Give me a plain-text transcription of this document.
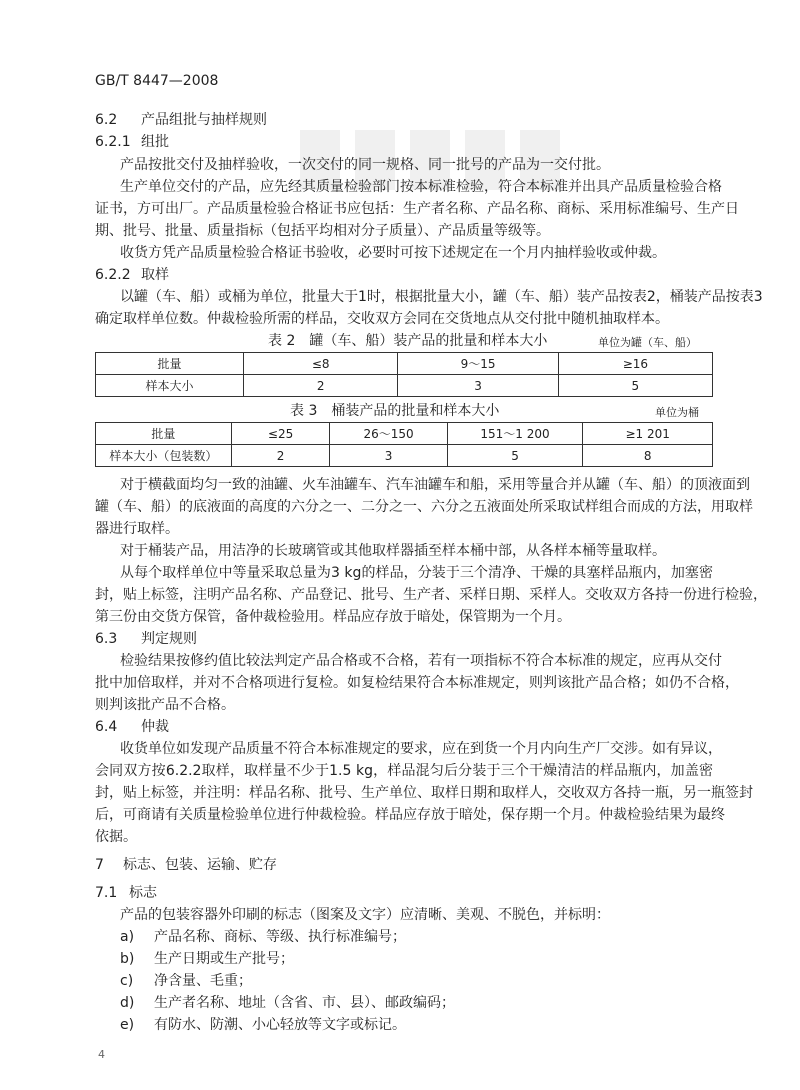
GB/T 8447—2008
6.2 产品组批与抽样规则
6.2.1 组批
产品按批交付及抽样验收，一次交付的同一规格、同一批号的产品为一交付批。
生产单位交付的产品，应先经其质量检验部门按本标准检验，符合本标准并出具产品质量检验合格
证书，方可出厂。产品质量检验合格证书应包括：生产者名称、产品名称、商标、采用标准编号、生产日
期、批号、批量、质量指标（包括平均相对分子质量）、产品质量等级等。
收货方凭产品质量检验合格证书验收，必要时可按下述规定在一个月内抽样验收或仲裁。
6.2.2 取样
以罐（车、船）或桶为单位，批量大于1时，根据批量大小，罐（车、船）装产品按表2，桶装产品按表3
确定取样单位数。仲裁检验所需的样品，交收双方会同在交货地点从交付批中随机抽取样本。
表 2　罐（车、船）装产品的批量和样本大小	单位为罐（车、船）
批量	≤8	9～15	≥16
样本大小	2	3	5
表 3　桶装产品的批量和样本大小	单位为桶
批量	≤25	26～150	151～1 200	≥1 201
样本大小（包装数）	2	3	5	8
对于横截面均匀一致的油罐、火车油罐车、汽车油罐车和船，采用等量合并从罐（车、船）的顶液面到
罐（车、船）的底液面的高度的六分之一、二分之一、六分之五液面处所采取试样组合而成的方法，用取样
器进行取样。
对于桶装产品，用洁净的长玻璃管或其他取样器插至样本桶中部，从各样本桶等量取样。
从每个取样单位中等量采取总量为3 kg的样品，分装于三个清净、干燥的具塞样品瓶内，加塞密
封，贴上标签，注明产品名称、产品登记、批号、生产者、采样日期、采样人。交收双方各持一份进行检验，
第三份由交货方保管，备仲裁检验用。样品应存放于暗处，保管期为一个月。
6.3 判定规则
检验结果按修约值比较法判定产品合格或不合格，若有一项指标不符合本标准的规定，应再从交付
批中加倍取样，并对不合格项进行复检。如复检结果符合本标准规定，则判该批产品合格；如仍不合格，
则判该批产品不合格。
6.4 仲裁
收货单位如发现产品质量不符合本标准规定的要求，应在到货一个月内向生产厂交涉。如有异议，
会同双方按6.2.2取样，取样量不少于1.5 kg，样品混匀后分装于三个干燥清洁的样品瓶内，加盖密
封，贴上标签，并注明：样品名称、批号、生产单位、取样日期和取样人，交收双方各持一瓶，另一瓶签封
后，可商请有关质量检验单位进行仲裁检验。样品应存放于暗处，保存期一个月。仲裁检验结果为最终
依据。
7 标志、包装、运输、贮存
7.1 标志
产品的包装容器外印刷的标志（图案及文字）应清晰、美观、不脱色，并标明：
a) 产品名称、商标、等级、执行标准编号；
b) 生产日期或生产批号；
c) 净含量、毛重；
d) 生产者名称、地址（含省、市、县）、邮政编码；
e) 有防水、防潮、小心轻放等文字或标记。
4
